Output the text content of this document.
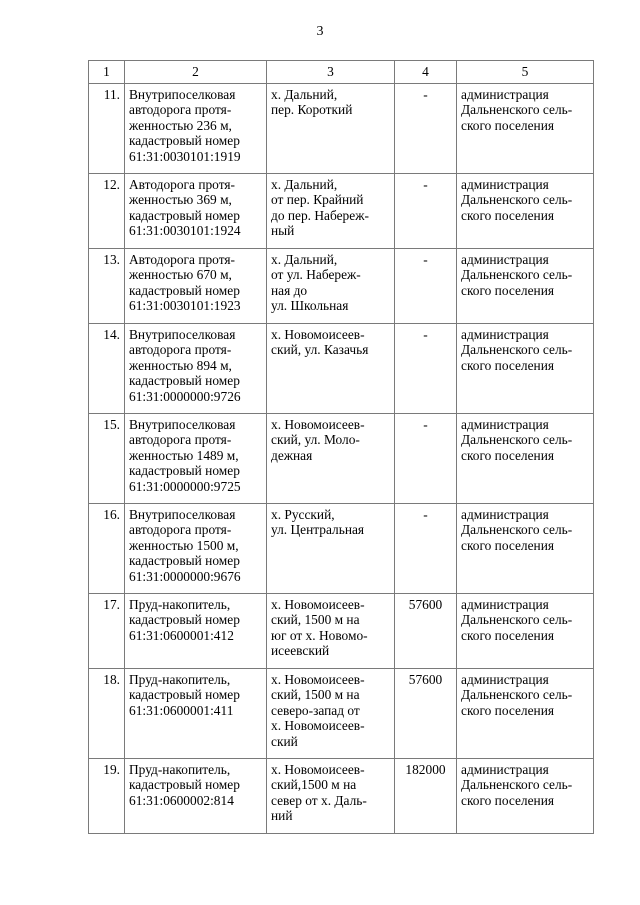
3
1	2	3	4	5
11.	Внутрипоселковая
автодорога протя-
женностью 236 м,
кадастровый номер
61:31:0030101:1919	х. Дальний,
пер. Короткий	-	администрация
Дальненского сель-
ского поселения
12.	Автодорога протя-
женностью 369 м,
кадастровый номер
61:31:0030101:1924	х. Дальний,
от пер. Крайний
до пер. Набереж-
ный	-	администрация
Дальненского сель-
ского поселения
13.	Автодорога протя-
женностью 670 м,
кадастровый номер
61:31:0030101:1923	х. Дальний,
от ул. Набереж-
ная до
ул. Школьная	-	администрация
Дальненского сель-
ского поселения
14.	Внутрипоселковая
автодорога протя-
женностью 894 м,
кадастровый номер
61:31:0000000:9726	х. Новомоисеев-
ский, ул. Казачья	-	администрация
Дальненского сель-
ского поселения
15.	Внутрипоселковая
автодорога протя-
женностью 1489 м,
кадастровый номер
61:31:0000000:9725	х. Новомоисеев-
ский, ул. Моло-
дежная	-	администрация
Дальненского сель-
ского поселения
16.	Внутрипоселковая
автодорога протя-
женностью 1500 м,
кадастровый номер
61:31:0000000:9676	х. Русский,
ул. Центральная	-	администрация
Дальненского сель-
ского поселения
17.	Пруд-накопитель,
кадастровый номер
61:31:0600001:412	х. Новомоисеев-
ский, 1500 м на
юг от х. Новомо-
исеевский	57600	администрация
Дальненского сель-
ского поселения
18.	Пруд-накопитель,
кадастровый номер
61:31:0600001:411	х. Новомоисеев-
ский, 1500 м на
северо-запад от
х. Новомоисеев-
ский	57600	администрация
Дальненского сель-
ского поселения
19.	Пруд-накопитель,
кадастровый номер
61:31:0600002:814	х. Новомоисеев-
ский,1500 м на
север от х. Даль-
ний	182000	администрация
Дальненского сель-
ского поселения
